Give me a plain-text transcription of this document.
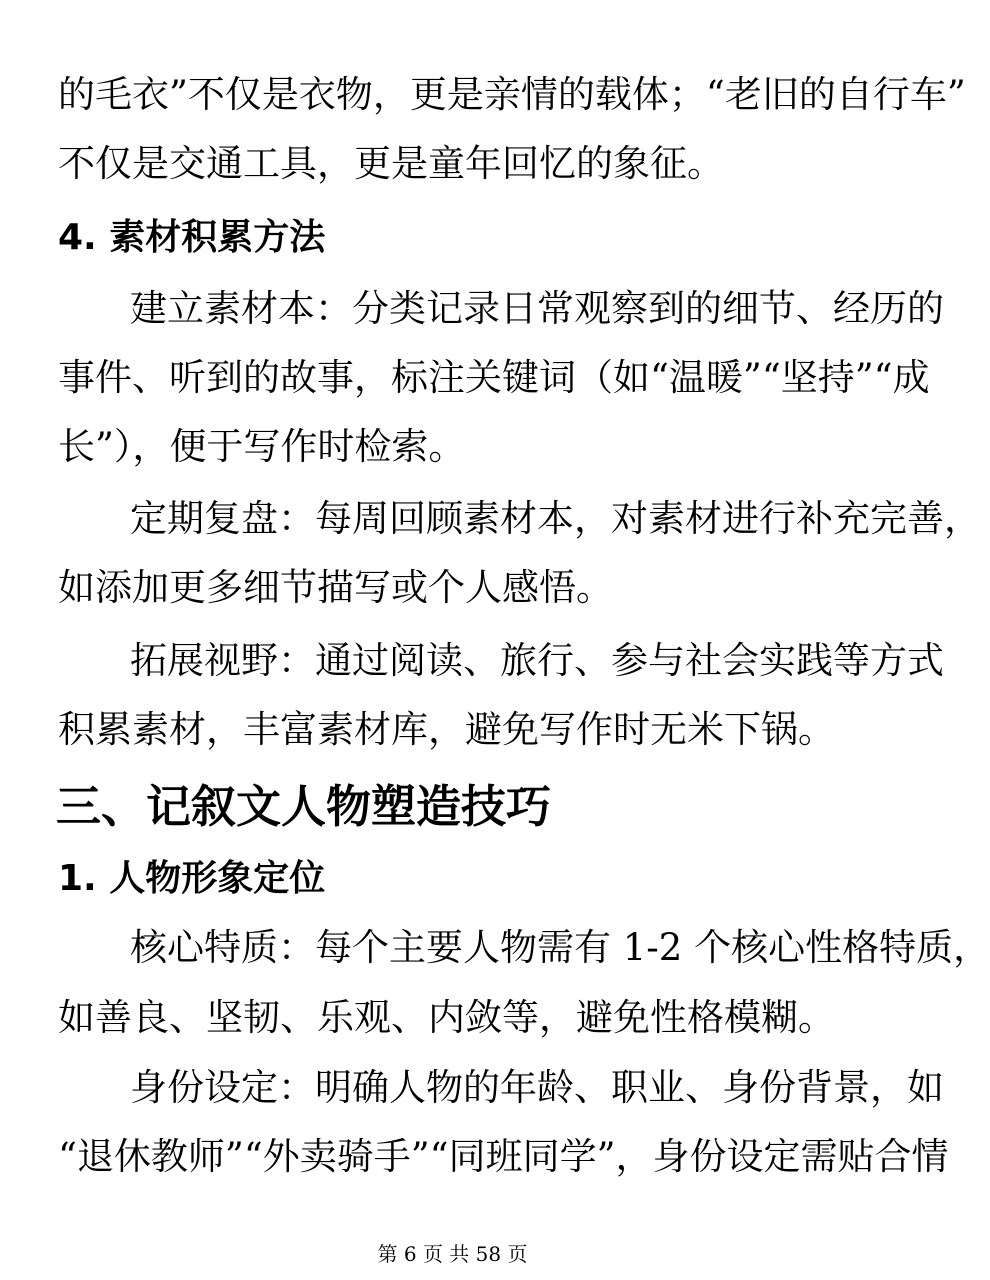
的毛衣”不仅是衣物，更是亲情的载体；“老旧的自行车”
不仅是交通工具，更是童年回忆的象征。
4. 素材积累方法
建立素材本：分类记录日常观察到的细节、经历的
事件、听到的故事，标注关键词（如“温暖”“坚持”“成
长”），便于写作时检索。
定期复盘：每周回顾素材本，对素材进行补充完善，
如添加更多细节描写或个人感悟。
拓展视野：通过阅读、旅行、参与社会实践等方式
积累素材，丰富素材库，避免写作时无米下锅。
三、记叙文人物塑造技巧
1. 人物形象定位
核心特质：每个主要人物需有 1-2 个核心性格特质，
如善良、坚韧、乐观、内敛等，避免性格模糊。
身份设定：明确人物的年龄、职业、身份背景，如
“退休教师”“外卖骑手”“同班同学”，身份设定需贴合情
第 6 页 共 58 页
